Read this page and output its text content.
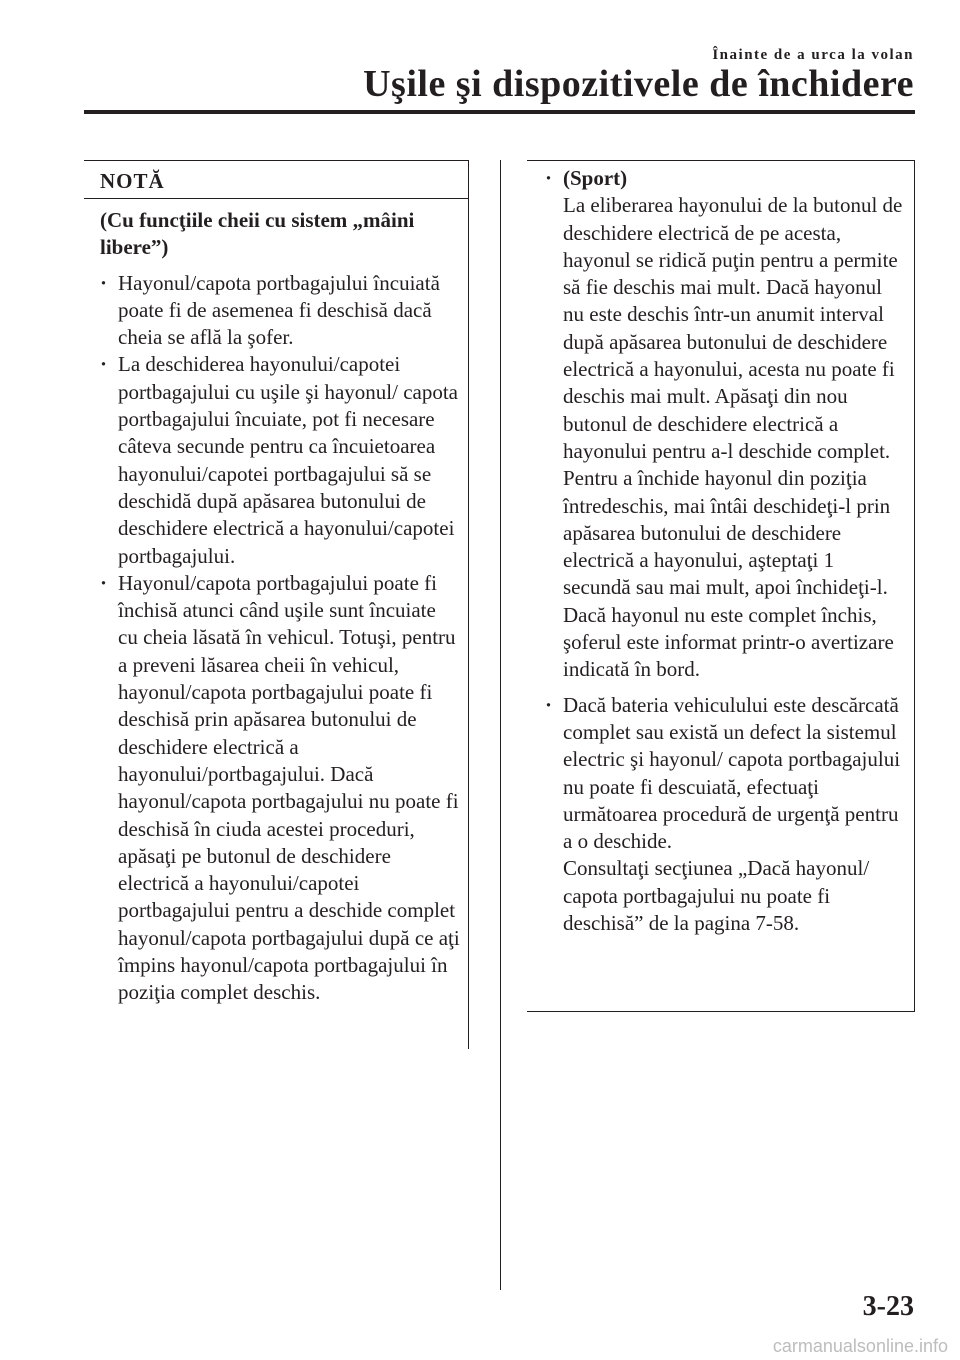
Înainte de a urca la volan
Uşile şi dispozitivele de închidere
NOTĂ
(Cu funcţiile cheii cu sistem „mâini libere”)
· Hayonul/capota portbagajului încuiată poate fi de asemenea fi deschisă dacă cheia se află la şofer.
· La deschiderea hayonului/capotei portbagajului cu uşile şi hayonul/ capota portbagajului încuiate, pot fi necesare câteva secunde pentru ca încuietoarea hayonului/capotei portbagajului să se deschidă după apăsarea butonului de deschidere electrică a hayonului/capotei portbagajului.
· Hayonul/capota portbagajului poate fi închisă atunci când uşile sunt încuiate cu cheia lăsată în vehicul. Totuşi, pentru a preveni lăsarea cheii în vehicul, hayonul/capota portbagajului poate fi deschisă prin apăsarea butonului de deschidere electrică a hayonului/portbagajului. Dacă hayonul/capota portbagajului nu poate fi deschisă în ciuda acestei proceduri, apăsaţi pe butonul de deschidere electrică a hayonului/capotei portbagajului pentru a deschide complet hayonul/capota portbagajului după ce aţi împins hayonul/capota portbagajului în poziţia complet deschis.
· (Sport)
La eliberarea hayonului de la butonul de deschidere electrică de pe acesta, hayonul se ridică puţin pentru a permite să fie deschis mai mult. Dacă hayonul nu este deschis într-un anumit interval după apăsarea butonului de deschidere electrică a hayonului, acesta nu poate fi deschis mai mult. Apăsaţi din nou butonul de deschidere electrică a hayonului pentru a-l deschide complet. Pentru a închide hayonul din poziţia întredeschis, mai întâi deschideţi-l prin apăsarea butonului de deschidere electrică a hayonului, aşteptaţi 1 secundă sau mai mult, apoi închideţi-l.
Dacă hayonul nu este complet închis, şoferul este informat printr-o avertizare indicată în bord.
· Dacă bateria vehiculului este descărcată complet sau există un defect la sistemul electric şi hayonul/ capota portbagajului nu poate fi descuiată, efectuaţi următoarea procedură de urgenţă pentru a o deschide.
Consultaţi secţiunea „Dacă hayonul/ capota portbagajului nu poate fi deschisă” de la pagina 7-58.
3-23
carmanualsonline.info
